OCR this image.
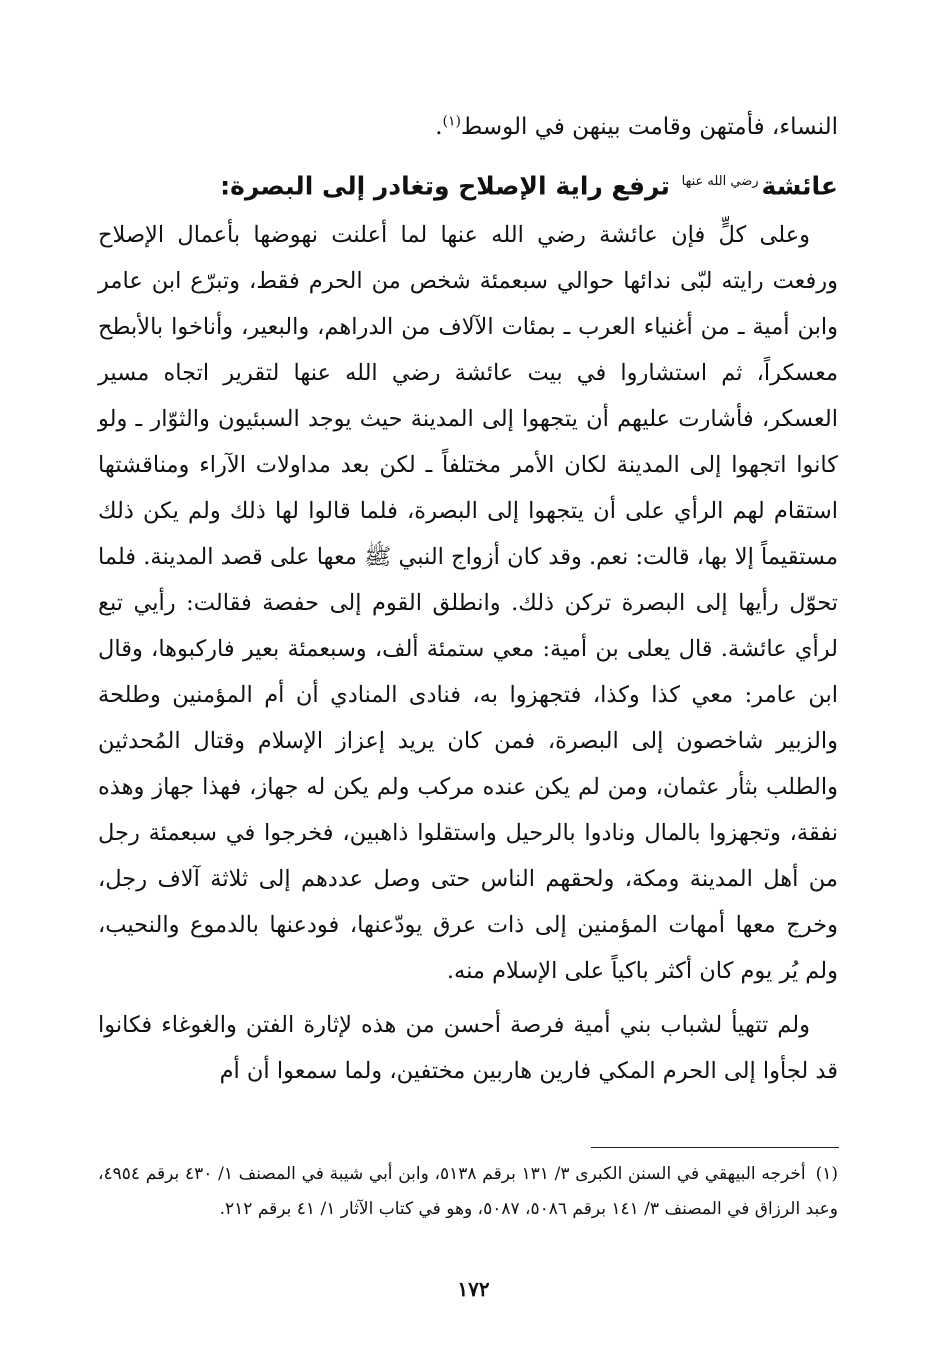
النساء، فأمتهن وقامت بينهن في الوسط$^{(١)}$.

عائشةرضي الله عنها ترفع راية الإصلاح وتغادر إلى البصرة:

وعلى كلٍّ فإن عائشة رضي الله عنها لما أعلنت نهوضها بأعمال الإصلاح ورفعت رايته لبّى ندائها حوالي سبعمئة شخص من الحرم فقط، وتبرّع ابن عامر وابن أمية ـ من أغنياء العرب ـ بمئات الآلاف من الدراهم، والبعير، وأناخوا بالأبطح معسكراً، ثم استشاروا في بيت عائشة رضي الله عنها لتقرير اتجاه مسير العسكر، فأشارت عليهم أن يتجهوا إلى المدينة حيث يوجد السبئيون والثوّار ـ ولو كانوا اتجهوا إلى المدينة لكان الأمر مختلفاً ـ لكن بعد مداولات الآراء ومناقشتها استقام لهم الرأي على أن يتجهوا إلى البصرة، فلما قالوا لها ذلك ولم يكن ذلك مستقيماً إلا بها، قالت: نعم. وقد كان أزواج النبي ﷺ معها على قصد المدينة. فلما تحوّل رأيها إلى البصرة تركن ذلك. وانطلق القوم إلى حفصة فقالت: رأيي تبع لرأي عائشة. قال يعلى بن أمية: معي ستمئة ألف، وسبعمئة بعير فاركبوها، وقال ابن عامر: معي كذا وكذا، فتجهزوا به، فنادى المنادي أن أم المؤمنين وطلحة والزبير شاخصون إلى البصرة، فمن كان يريد إعزاز الإسلام وقتال المُحدثين والطلب بثأر عثمان، ومن لم يكن عنده مركب ولم يكن له جهاز، فهذا جهاز وهذه نفقة، وتجهزوا بالمال ونادوا بالرحيل واستقلوا ذاهبين، فخرجوا في سبعمئة رجل من أهل المدينة ومكة، ولحقهم الناس حتى وصل عددهم إلى ثلاثة آلاف رجل، وخرج معها أمهات المؤمنين إلى ذات عرق يودّعنها، فودعنها بالدموع والنحيب، ولم يُر يوم كان أكثر باكياً على الإسلام منه.

ولم تتهيأ لشباب بني أمية فرصة أحسن من هذه لإثارة الفتن والغوغاء فكانوا قد لجأوا إلى الحرم المكي فارين هاربين مختفين، ولما سمعوا أن أم

(١)أخرجه البيهقي في السنن الكبرى ٣/ ١٣١ برقم ٥١٣٨، وابن أبي شيبة في المصنف ١/ ٤٣٠ برقم ٤٩٥٤، وعبد الرزاق في المصنف ٣/ ١٤١ برقم ٥٠٨٦، ٥٠٨٧، وهو في كتاب الآثار ١/ ٤١ برقم ٢١٢.
١٧٢
